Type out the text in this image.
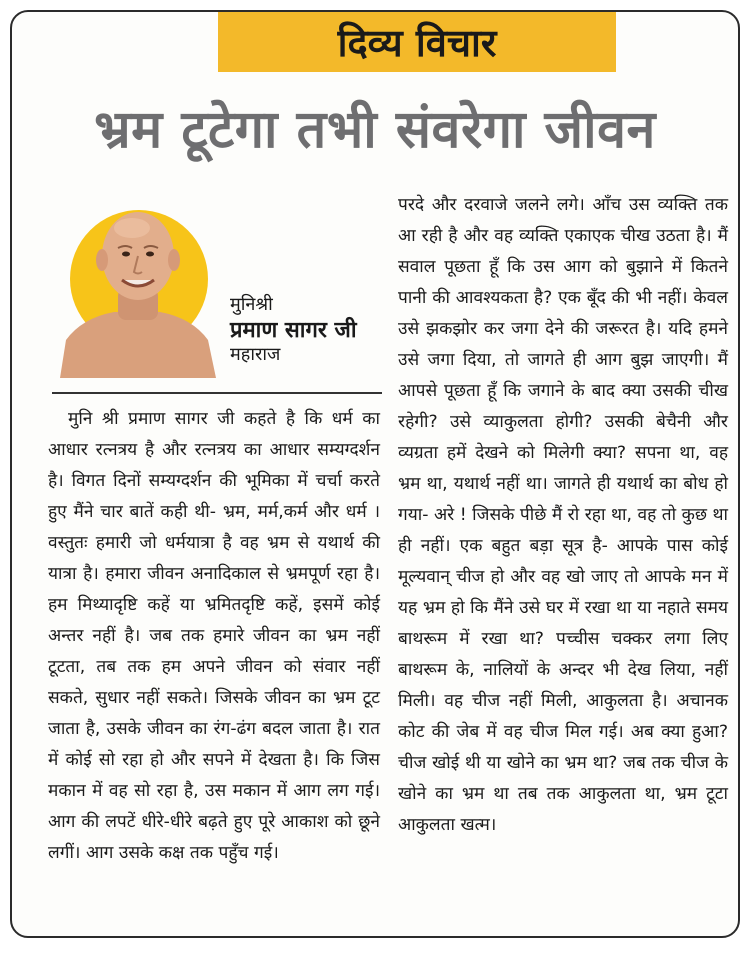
दिव्य विचार
भ्रम टूटेगा तभी संवरेगा जीवन
मुनिश्री
प्रमाण सागर जी
महाराज

मुनि श्री प्रमाण सागर जी कहते है कि धर्म का आधार रत्नत्रय है और रत्नत्रय का आधार सम्यग्दर्शन है। विगत दिनों सम्यग्दर्शन की भूमिका में चर्चा करते हुए मैंने चार बातें कही थी- भ्रम, मर्म,कर्म और धर्म । वस्तुतः हमारी जो धर्मयात्रा है वह भ्रम से यथार्थ की यात्रा है। हमारा जीवन अनादिकाल से भ्रमपूर्ण रहा है। हम मिथ्यादृष्टि कहें या भ्रमितदृष्टि कहें, इसमें कोई अन्तर नहीं है। जब तक हमारे जीवन का भ्रम नहीं टूटता, तब तक हम अपने जीवन को संवार नहीं सकते, सुधार नहीं सकते। जिसके जीवन का भ्रम टूट जाता है, उसके जीवन का रंग-ढंग बदल जाता है। रात में कोई सो रहा हो और सपने में देखता है। कि जिस मकान में वह सो रहा है, उस मकान में आग लग गई। आग की लपटें धीरे-धीरे बढ़ते हुए पूरे आकाश को छूने लगीं। आग उसके कक्ष तक पहुँच गई।

परदे और दरवाजे जलने लगे। आँच उस व्यक्ति तक आ रही है और वह व्यक्ति एकाएक चीख उठता है। मैं सवाल पूछता हूँ कि उस आग को बुझाने में कितने पानी की आवश्यकता है? एक बूँद की भी नहीं। केवल उसे झकझोर कर जगा देने की जरूरत है। यदि हमने उसे जगा दिया, तो जागते ही आग बुझ जाएगी। मैं आपसे पूछता हूँ कि जगाने के बाद क्या उसकी चीख रहेगी? उसे व्याकुलता होगी? उसकी बेचैनी और व्यग्रता हमें देखने को मिलेगी क्या? सपना था, वह भ्रम था, यथार्थ नहीं था। जागते ही यथार्थ का बोध हो गया- अरे ! जिसके पीछे मैं रो रहा था, वह तो कुछ था ही नहीं। एक बहुत बड़ा सूत्र है- आपके पास कोई मूल्यवान् चीज हो और वह खो जाए तो आपके मन में यह भ्रम हो कि मैंने उसे घर में रखा था या नहाते समय बाथरूम में रखा था? पच्चीस चक्कर लगा लिए बाथरूम के, नालियों के अन्दर भी देख लिया, नहीं मिली। वह चीज नहीं मिली, आकुलता है। अचानक कोट की जेब में वह चीज मिल गई। अब क्या हुआ? चीज खोई थी या खोने का भ्रम था? जब तक चीज के खोने का भ्रम था तब तक आकुलता था, भ्रम टूटा आकुलता खत्म।
